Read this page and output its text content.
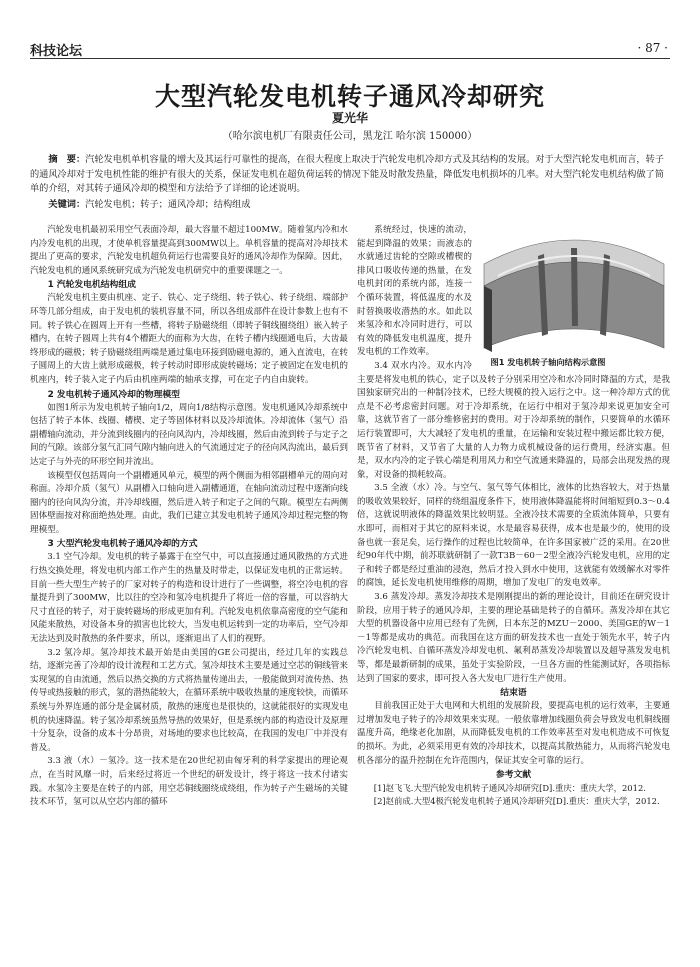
科技论坛	· 87 ·
大型汽轮发电机转子通风冷却研究
夏光华
（哈尔滨电机厂有限责任公司，黑龙江 哈尔滨 150000）

摘　要：汽轮发电机单机容量的增大及其运行可靠性的提高，在很大程度上取决于汽轮发电机冷却方式及其结构的发展。对于大型汽轮发电机而言，转子的通风冷却对于发电机性能的维护有很大的关系，保证发电机在超负荷运转的情况下能及时散发热量，降低发电机损坏的几率。对大型汽轮发电机结构做了简单的介绍，对其转子通风冷却的模型和方法给予了详细的论述说明。

关键词：汽轮发电机；转子；通风冷却；结构组成

汽轮发电机最初采用空气表面冷却，最大容量不超过100MW。随着氢内冷和水内冷发电机的出现，才使单机容量提高到300MW以上。单机容量的提高对冷却技术提出了更高的要求，汽轮发电机超负荷运行也需要良好的通风冷却作为保障。因此，汽轮发电机的通风系统研究成为汽轮发电机研究中的重要课题之一。

1 汽轮发电机结构组成

汽轮发电机主要由机座、定子、铁心、定子绕组、转子铁心、转子绕组、端部护环等几部分组成，由于发电机的装机容量不同，所以各组成部件在设计参数上也有不同。转子铁心在圆周上开有一些槽，将转子励磁绕组（即转子铜线圈绕组）嵌入转子槽内，在转子圆周上共有4个槽距大的面称为大齿，在转子槽内线圈通电后，大齿最终形成的磁极；转子励磁绕组两端是通过集电环接到励磁电源的，通入直流电，在转子圆周上的大齿上就形成磁极，转子转动时即形成旋转磁场；定子被固定在发电机的机座内，转子装入定子内后由机座两端的轴承支撑，可在定子内自由旋转。

2 发电机转子通风冷却的物理模型

如图1所示为发电机转子轴向1/2，周向1/8结构示意图。发电机通风冷却系统中包括了转子本体、线圈、槽楔、定子等固体材料以及冷却流体。冷却流体（氢气）沿副槽轴向流动，并分流到线圈内的径向风沟内，冷却线圈，然后由流到转子与定子之间的气隙。该部分氢气汇同气隙内轴向进入的气流通过定子的径向风沟流出，最后到达定子与外壳的环形空间并流出。

该模型仅包括周向一个副槽通风单元，模型的两个侧面为相邻副槽单元的周向对称面。冷却介质（氢气）从副槽入口轴向进入副槽通道，在轴向流动过程中逐渐向线圈内的径向风沟分流，并冷却线圈，然后进入转子和定子之间的气隙。模型左右两侧固体壁面按对称面绝热处理。由此，我们已建立其发电机转子通风冷却过程完整的物理模型。

3 大型汽轮发电机转子通风冷却的方式

3.1 空气冷却。发电机的转子暴露于在空气中，可以直接通过通风散热的方式进行热交换处理，将发电机内部工作产生的热量及时带走，以保证发电机的正常运转。目前一些大型生产转子的厂家对转子的构造和设计进行了一些调整，将空冷电机的容量提升到了300MW，比以往的空冷和氢冷电机提升了将近一倍的容量，可以容纳大尺寸直径的转子，对于旋转磁场的形成更加有利。汽轮发电机依靠高密度的空气能和风能来散热，对设备本身的损害也比较大，当发电机运转到一定的功率后，空气冷却无法达到及时散热的条件要求，所以，逐渐退出了人们的视野。

3.2 氢冷却。氢冷却技术最开始是由美国的GE公司提出，经过几年的实践总结，逐渐完善了冷却的设计流程和工艺方式。氢冷却技术主要是通过空芯的铜线管来实现氢的自由流通，然后以热交换的方式将热量传递出去，一般能做到对流传热、热传导或热接触的形式，氢的潜热能较大，在循环系统中吸收热量的速度较快，而循环系统与外界连通的部分是金属材质，散热的速度也是很快的，这就能很好的实现发电机的快速降温。转子氢冷却系统虽然导热的效果好，但是系统内部的构造设计及原理十分复杂，设备的成本十分昂贵，对场地的要求也比较高，在我国的发电厂中并没有普及。

3.3 液（水）－氢冷。这一技术是在20世纪初由匈牙利的科学家提出的理论观点，在当时风靡一时，后来经过将近一个世纪的研发设计，终于将这一技术付诸实践。水氢冷主要是在转子的内部，用空芯铜线圈绕成绕组，作为转子产生磁场的关键技术环节，氢可以从空芯内部的循环

系统经过，快速的流动，能起到降温的效果；而液态的水就通过齿轮的空隙或槽楔的排风口吸收传递的热量，在发电机封闭的系统内部，连接一个循环装置，将低温度的水及时替换吸收潜热的水。如此以来氢冷和水冷同时进行，可以有效的降低发电机温度，提升发电机的工作效率。

3.4 双水内冷。双水内冷主要是将发电机的铁心，定子以及转子分别采用空冷和水冷同时降温的方式，是我国独家研究出的一种制冷技术，已经大规模的投入运行之中。这一种冷却方式的优点是不必考虑密封问题。对于冷却系统，在运行中相对于氢冷却来说更加安全可靠，这就节省了一部分维修密封的费用。对于冷却系统的制作，只要简单的水循环运行装置即可，大大减轻了发电机的重量，在运输和安装过程中搬运都比较方便，既节省了材料，又节省了大量的人力物力成机械设备的运行费用，经济实惠。但是，双水内冷的定子铁心端是利用风力和空气流通来降温的，局部会出现发热的现象，对设备的损耗较高。

3.5 全液（水）冷。与空气、氢气等气体相比，液体的比热容较大，对于热量的吸收效果较好，同样的绕组温度条件下，使用液体降温能将时间缩短到0.3～0.4倍，这就说明液体的降温效果比较明显。全液冷技术需要的全质流体简单，只要有水即可，而相对于其它的原料来说，水是最容易获得，成本也是最少的，使用的设备也就一套足矣，运行操作的过程也比较简单，在许多国家被广泛的采用。在20世纪90年代中期，前苏联就研制了一款T3B－60－2型全液冷汽轮发电机，应用的定子和转子都是经过重油的浸泡，然后才投入到水中使用，这就能有效缓解水对零件的腐蚀，延长发电机使用维修的周期，增加了发电厂的发电效率。

3.6 蒸发冷却。蒸发冷却技术是刚刚提出的新的理论设计，目前还在研究设计阶段，应用于转子的通风冷却，主要的理论基础是转子的自循环。蒸发冷却在其它大型的机器设备中应用已经有了先例，日本东芝的MZU－2000、美国GE的W－1－1等都是成功的典范。而我国在这方面的研发技术也一直处于领先水平，转子内冷汽轮发电机、自循环蒸发冷却发电机、氟利昂蒸发冷却装置以及超导蒸发发电机等，都是最新研制的成果，虽处于实验阶段，一旦各方面的性能测试好，各项指标达到了国家的要求，即可投入各大发电厂进行生产使用。

结束语

目前我国正处于大电网和大机组的发展阶段，要提高电机的运行效率，主要通过增加发电子转子的冷却效果来实现。一般依靠增加线圈负荷会导致发电机铜线圈温度升高，绝缘老化加剧，从而降低发电机的工作效率甚至对发电机造成不可恢复的损坏。为此，必须采用更有效的冷却技术，以提高其散热能力，从而将汽轮发电机各部分的温升控制在允许范围内，保证其安全可靠的运行。

参考文献

[1]赵飞飞.大型汽轮发电机转子通风冷却研究[D].重庆：重庆大学，2012.

[2]赵前成.大型4极汽轮发电机转子通风冷却研究[D].重庆：重庆大学，2012.

图1 发电机转子轴向结构示意图
